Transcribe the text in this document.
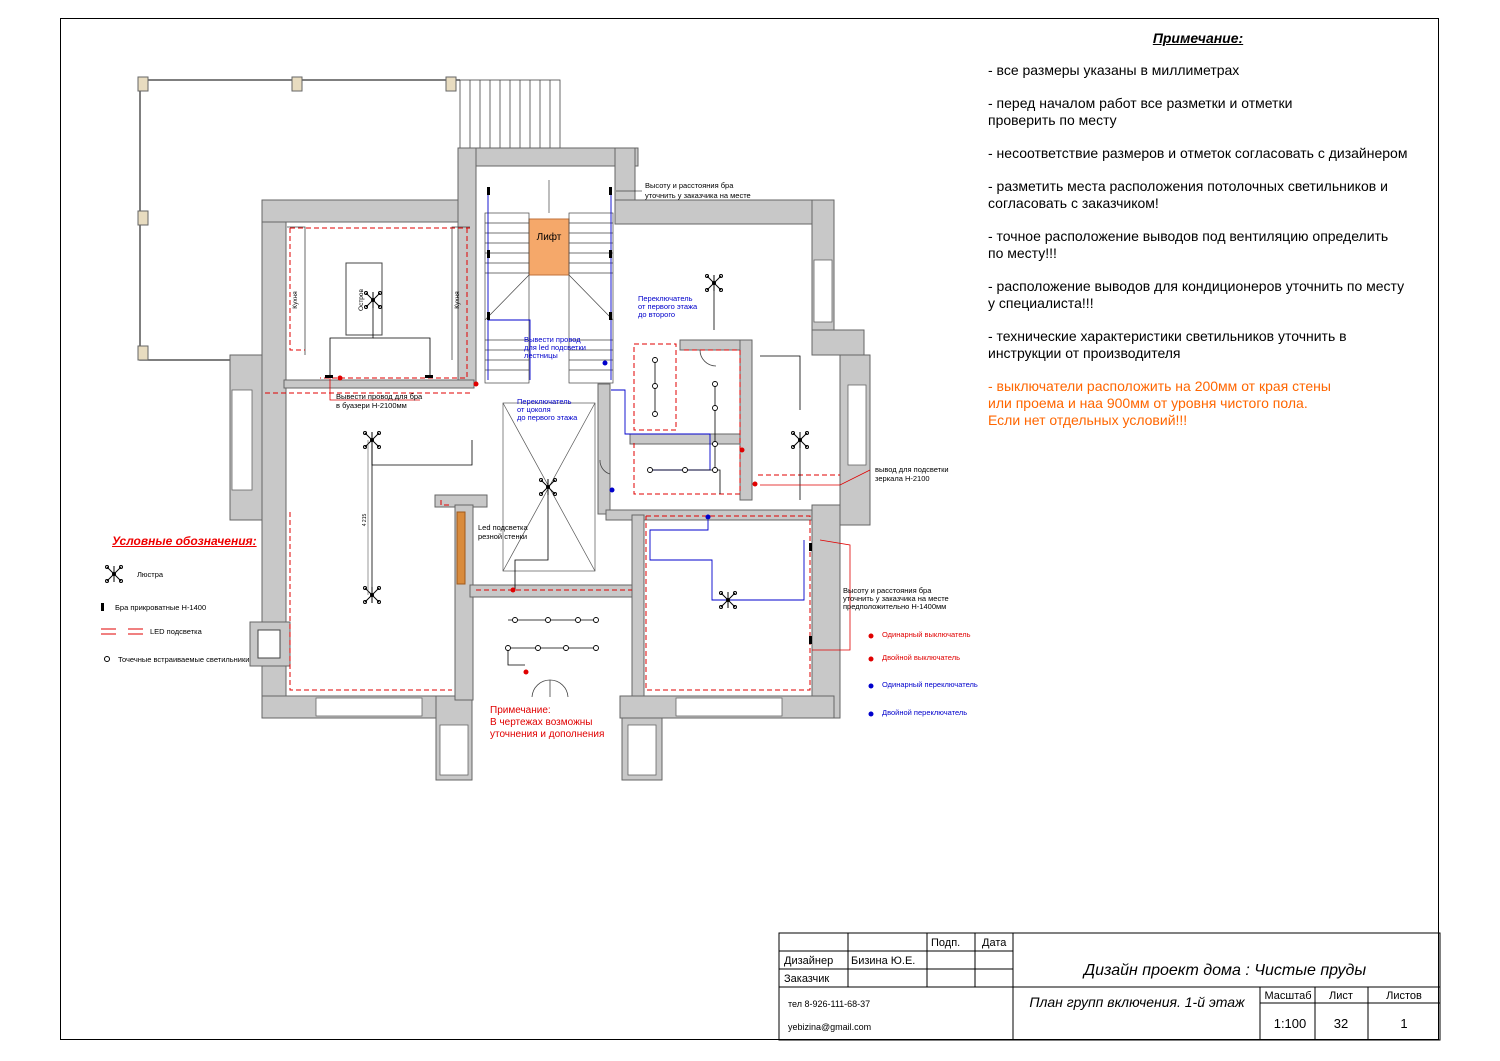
Примечание:
- все размеры указаны в миллиметрах
- перед началом работ все разметки и отметки
проверить по месту
- несоответствие размеров и отметок согласовать с дизайнером
- разметить места расположения потолочных светильников и
согласовать с заказчиком!
- точное расположение выводов под вентиляцию определить
по месту!!!
- расположение выводов для кондиционеров уточнить по месту
у специалиста!!!
- технические характеристики светильников уточнить в
инструкции от производителя
- выключатели расположить на 200мм от края стены
или проема и наа 900мм от уровня чистого пола.
Если нет отдельных условий!!!
Лифт
Остров
Кухня	Кухня
4 215
Высоту и расстояния бра
уточнить у заказчика на месте
Переключатель
от первого этажа
до второго
Вывести провод
для led подсветки
лестницы
Вывести провод для бра
в буазери Н-2100мм	Переключатель
от цоколя
до первого этажа
вывод для подсветки
зеркала Н-2100
Led подсветка
резной стенки
Высоту и расстояния бра
уточнить у заказчика на месте
предположительно Н-1400мм
Примечание:
В чертежах возможны
уточнения и дополнения
Одинарный выключатель
Двойной выключатель
Одинарный переключатель
Двойной переключатель
Люстра
Бра прикроватные Н-1400
LED подсветка
Точечные встраиваемые светильники
Подп. Дата
Дизайнер Бизина Ю.Е.
Заказчик
тел 8-926-111-68-37
yebizina@gmail.com
Дизайн проект дома : Чистые пруды
План групп включения. 1-й этаж Масштаб Лист	Листов
1:100 32	1
Условные обозначения:
